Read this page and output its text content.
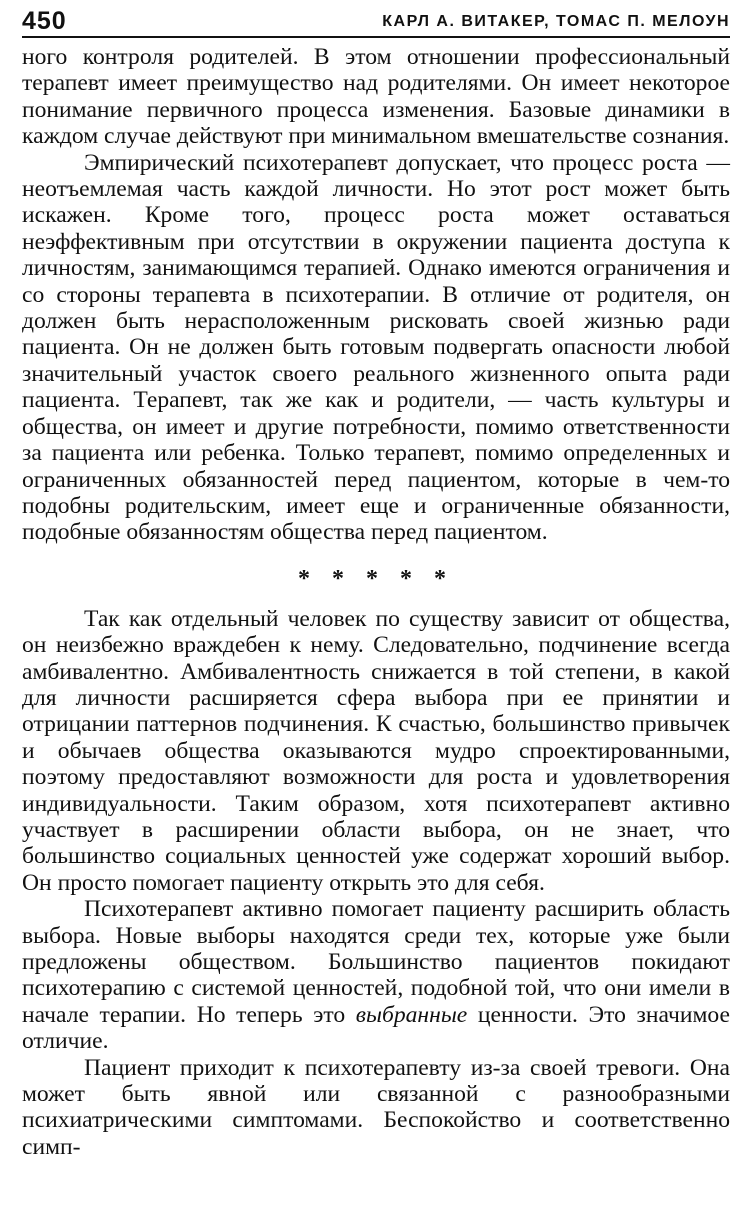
450	КАРЛ А. ВИТАКЕР, ТОМАС П. МЕЛОУН

ного контроля родителей. В этом отношении профессиональный терапевт имеет преимущество над родителями. Он имеет некоторое понимание первичного процесса изменения. Базовые динамики в каждом случае действуют при минимальном вмешательстве сознания.

Эмпирический психотерапевт допускает, что процесс роста — неотъемлемая часть каждой личности. Но этот рост может быть искажен. Кроме того, процесс роста может оставаться неэффективным при отсутствии в окружении пациента доступа к личностям, занимающимся терапией. Однако имеются ограничения и со стороны терапевта в психотерапии. В отличие от родителя, он должен быть нерасположенным рисковать своей жизнью ради пациента. Он не должен быть готовым подвергать опасности любой значительный участок своего реального жизненного опыта ради пациента. Терапевт, так же как и родители, — часть культуры и общества, он имеет и другие потребности, помимо ответственности за пациента или ребенка. Только терапевт, помимо определенных и ограниченных обязанностей перед пациентом, которые в чем-то подобны родительским, имеет еще и ограниченные обязанности, подобные обязанностям общества перед пациентом.

* * * * *

Так как отдельный человек по существу зависит от общества, он неизбежно враждебен к нему. Следовательно, подчинение всегда амбивалентно. Амбивалентность снижается в той степени, в какой для личности расширяется сфера выбора при ее принятии и отрицании паттернов подчинения. К счастью, большинство привычек и обычаев общества оказываются мудро спроектированными, поэтому предоставляют возможности для роста и удовлетворения индивидуальности. Таким образом, хотя психотерапевт активно участвует в расширении области выбора, он не знает, что большинство социальных ценностей уже содержат хороший выбор. Он просто помогает пациенту открыть это для себя.

Психотерапевт активно помогает пациенту расширить область выбора. Новые выборы находятся среди тех, которые уже были предложены обществом. Большинство пациентов покидают психотерапию с системой ценностей, подобной той, что они имели в начале терапии. Но теперь это выбранные ценности. Это значимое отличие.

Пациент приходит к психотерапевту из-за своей тревоги. Она может быть явной или связанной с разнообразными психиатрическими симптомами. Беспокойство и соответственно симп-
